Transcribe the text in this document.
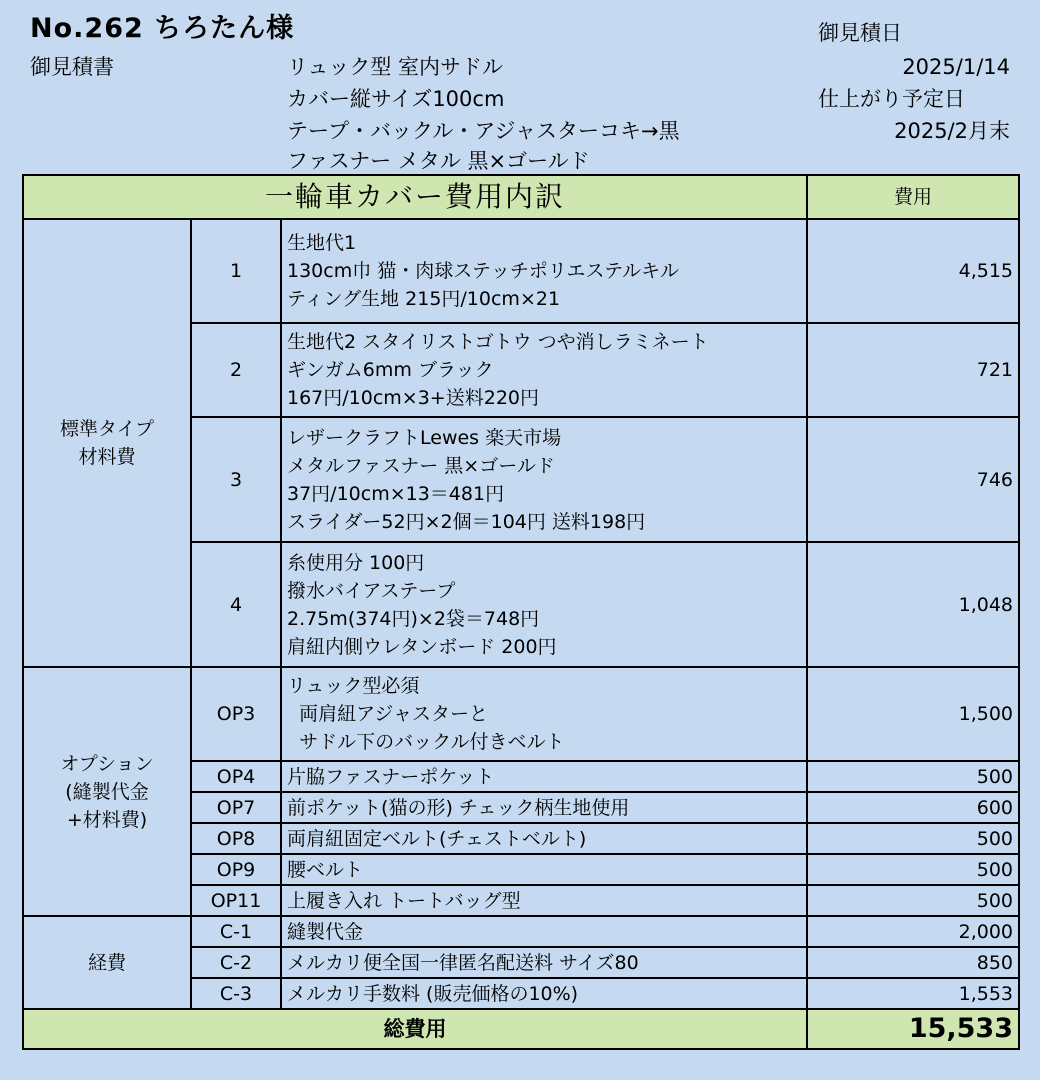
No.262 ちろたん様
御見積書	リュック型 室内サドル
カバー縦サイズ100cm
テープ・バックル・アジャスターコキ→黒
ファスナー メタル 黒×ゴールド
御見積日
2025/1/14
仕上がり予定日
2025/2月末
一輪車カバー費用内訳			費用

標準タイプ
材料費	1	生地代1
130cm巾 猫・肉球ステッチポリエステルキル
ティング生地 215円/10cm×21	4,515
	2	生地代2 スタイリストゴトウ つや消しラミネート
ギンガム6mm ブラック
167円/10cm×3+送料220円	721
	3	レザークラフトLewes 楽天市場
メタルファスナー 黒×ゴールド
37円/10cm×13＝481円
スライダー52円×2個＝104円 送料198円	746
	4	糸使用分 100円
撥水バイアステープ
2.75m(374円)×2袋＝748円
肩紐内側ウレタンボード 200円	1,048

オプション
(縫製代金
+材料費)	OP3	リュック型必須
両肩紐アジャスターと
サドル下のバックル付きベルト	1,500
	OP4	片脇ファスナーポケット	500
	OP7	前ポケット(猫の形) チェック柄生地使用	600
	OP8	両肩紐固定ベルト(チェストベルト)	500
	OP9	腰ベルト	500
	OP11	上履き入れ トートバッグ型	500

経費	C-1	縫製代金	2,000
	C-2	メルカリ便全国一律匿名配送料 サイズ80	850
	C-3	メルカリ手数料 (販売価格の10%)	1,553
総費用			15,533
